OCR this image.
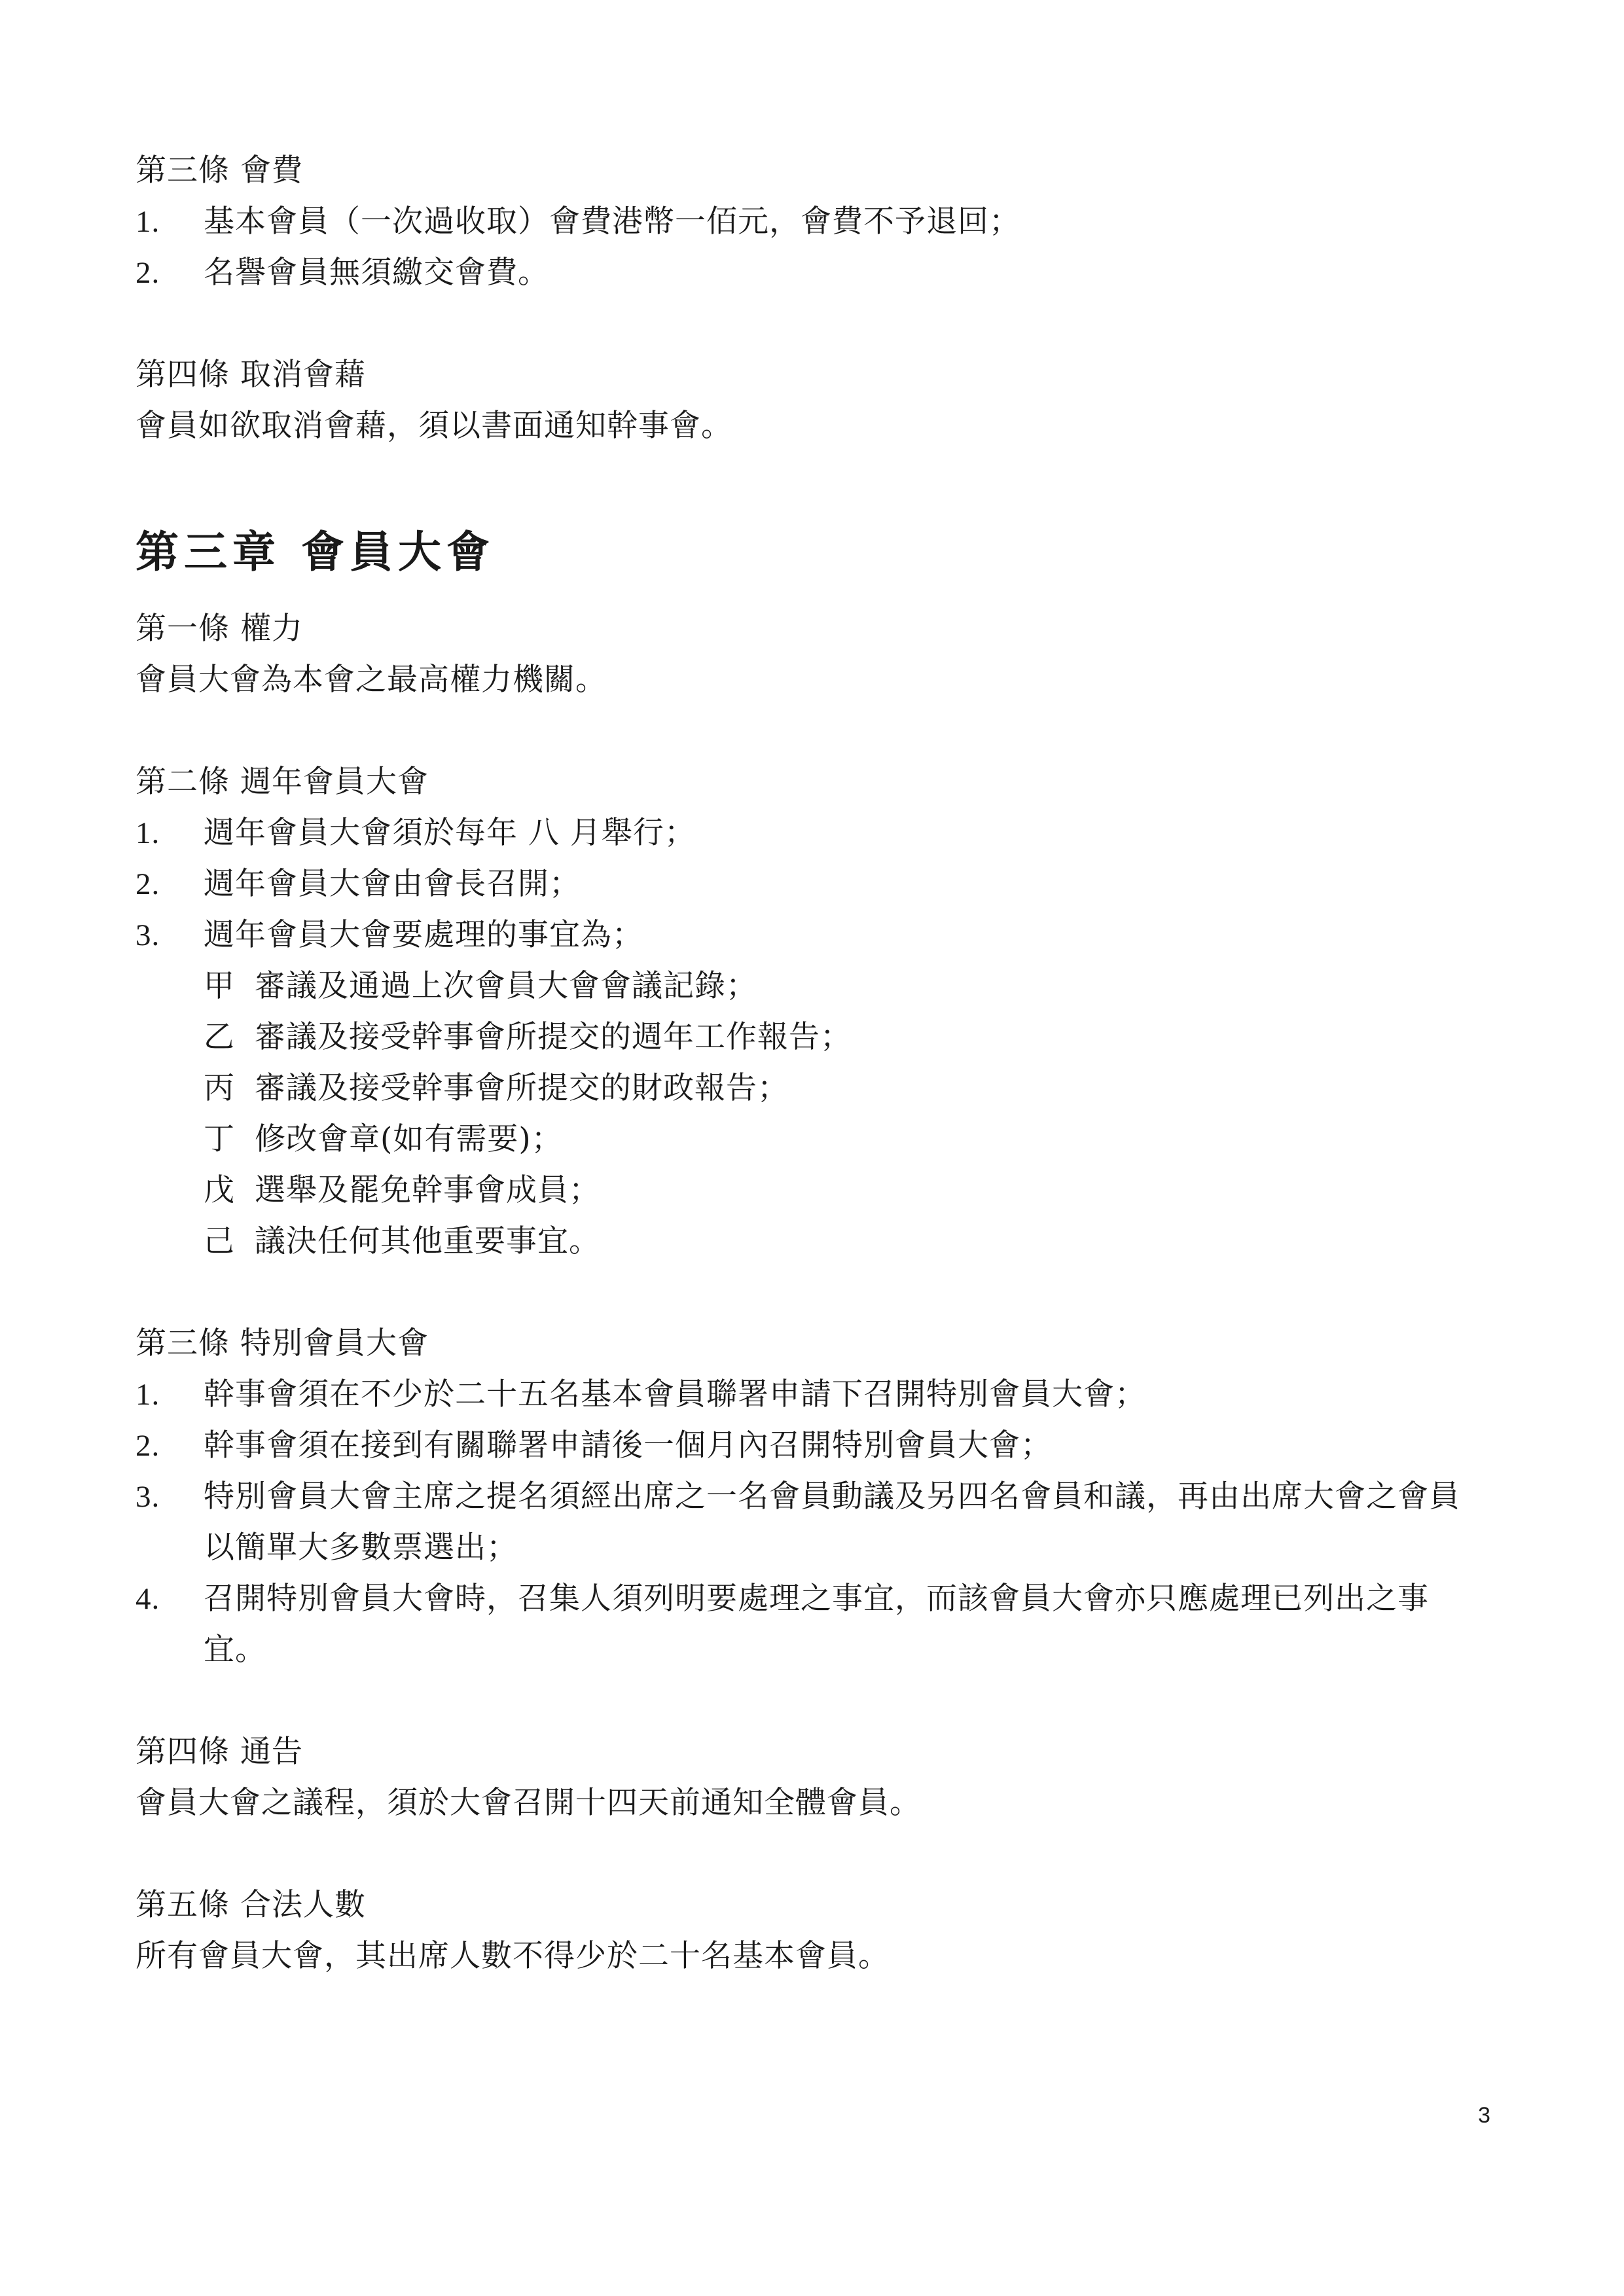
第三條 會費
1. 基本會員（一次過收取）會費港幣一佰元，會費不予退回；
2. 名譽會員無須繳交會費。
第四條 取消會藉
會員如欲取消會藉，須以書面通知幹事會。
第三章 會員大會
第一條 權力
會員大會為本會之最高權力機關。
第二條 週年會員大會
1. 週年會員大會須於每年 八 月舉行；
2. 週年會員大會由會長召開；
3. 週年會員大會要處理的事宜為；
甲 審議及通過上次會員大會會議記錄；
乙 審議及接受幹事會所提交的週年工作報告；
丙 審議及接受幹事會所提交的財政報告；
丁 修改會章(如有需要)；
戊 選舉及罷免幹事會成員；
己 議決任何其他重要事宜。
第三條 特別會員大會
1. 幹事會須在不少於二十五名基本會員聯署申請下召開特別會員大會；
2. 幹事會須在接到有關聯署申請後一個月內召開特別會員大會；
3. 特別會員大會主席之提名須經出席之一名會員動議及另四名會員和議，再由出席大會之會員以簡單大多數票選出；
4. 召開特別會員大會時，召集人須列明要處理之事宜，而該會員大會亦只應處理已列出之事宜。
第四條 通告
會員大會之議程，須於大會召開十四天前通知全體會員。
第五條 合法人數
所有會員大會，其出席人數不得少於二十名基本會員。
3
